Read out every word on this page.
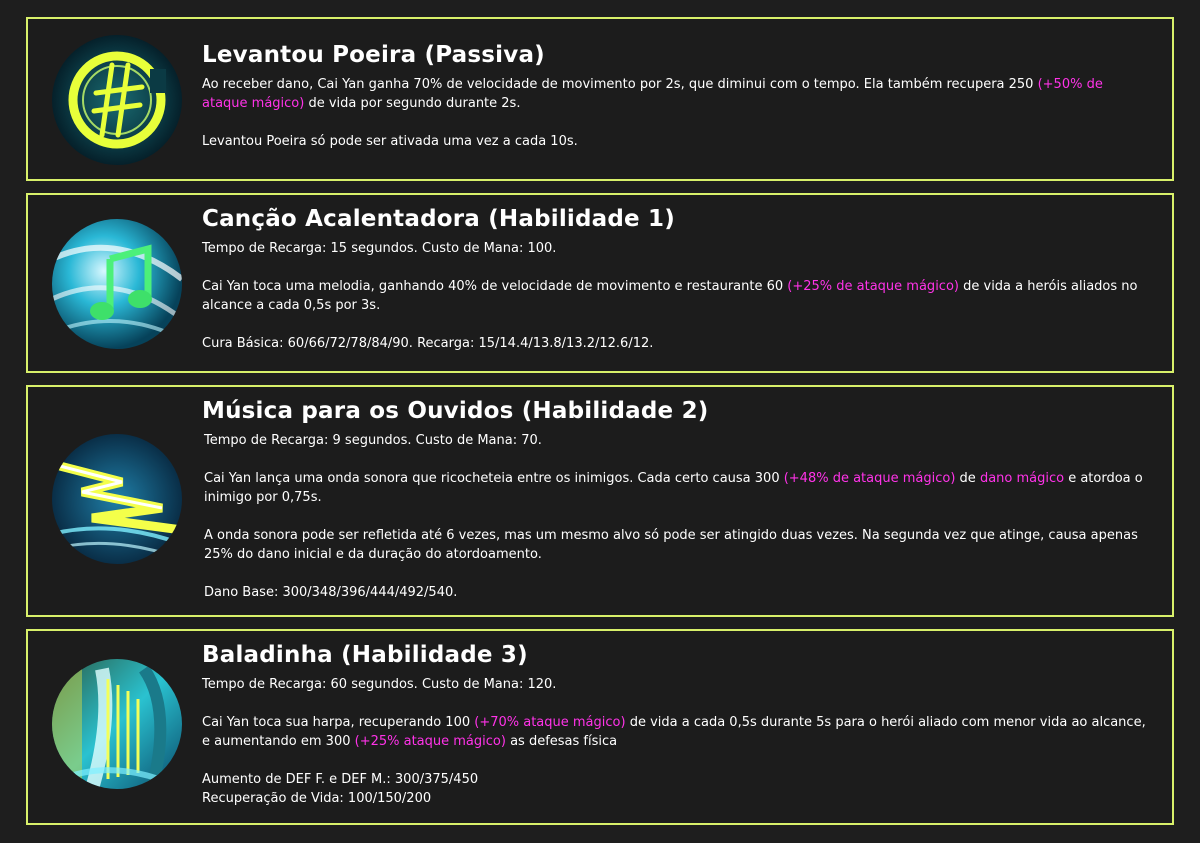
Levantou Poeira (Passiva)
Ao receber dano, Cai Yan ganha 70% de velocidade de movimento por 2s, que diminui com o tempo. Ela também recupera 250 (+50% de ataque mágico) de vida por segundo durante 2s.
Levantou Poeira só pode ser ativada uma vez a cada 10s.
Canção Acalentadora (Habilidade 1)
Tempo de Recarga: 15 segundos. Custo de Mana: 100.
Cai Yan toca uma melodia, ganhando 40% de velocidade de movimento e restaurante 60 (+25% de ataque mágico) de vida a heróis aliados no alcance a cada 0,5s por 3s.
Cura Básica: 60/66/72/78/84/90. Recarga: 15/14.4/13.8/13.2/12.6/12.
Música para os Ouvidos (Habilidade 2)
Tempo de Recarga: 9 segundos. Custo de Mana: 70.
Cai Yan lança uma onda sonora que ricocheteia entre os inimigos. Cada certo causa 300 (+48% de ataque mágico) de dano mágico e atordoa o inimigo por 0,75s.
A onda sonora pode ser refletida até 6 vezes, mas um mesmo alvo só pode ser atingido duas vezes. Na segunda vez que atinge, causa apenas 25% do dano inicial e da duração do atordoamento.
Dano Base: 300/348/396/444/492/540.
Baladinha (Habilidade 3)
Tempo de Recarga: 60 segundos. Custo de Mana: 120.
Cai Yan toca sua harpa, recuperando 100 (+70% ataque mágico) de vida a cada 0,5s durante 5s para o herói aliado com menor vida ao alcance, e aumentando em 300 (+25% ataque mágico) as defesas física
Aumento de DEF F. e DEF M.: 300/375/450
Recuperação de Vida: 100/150/200
